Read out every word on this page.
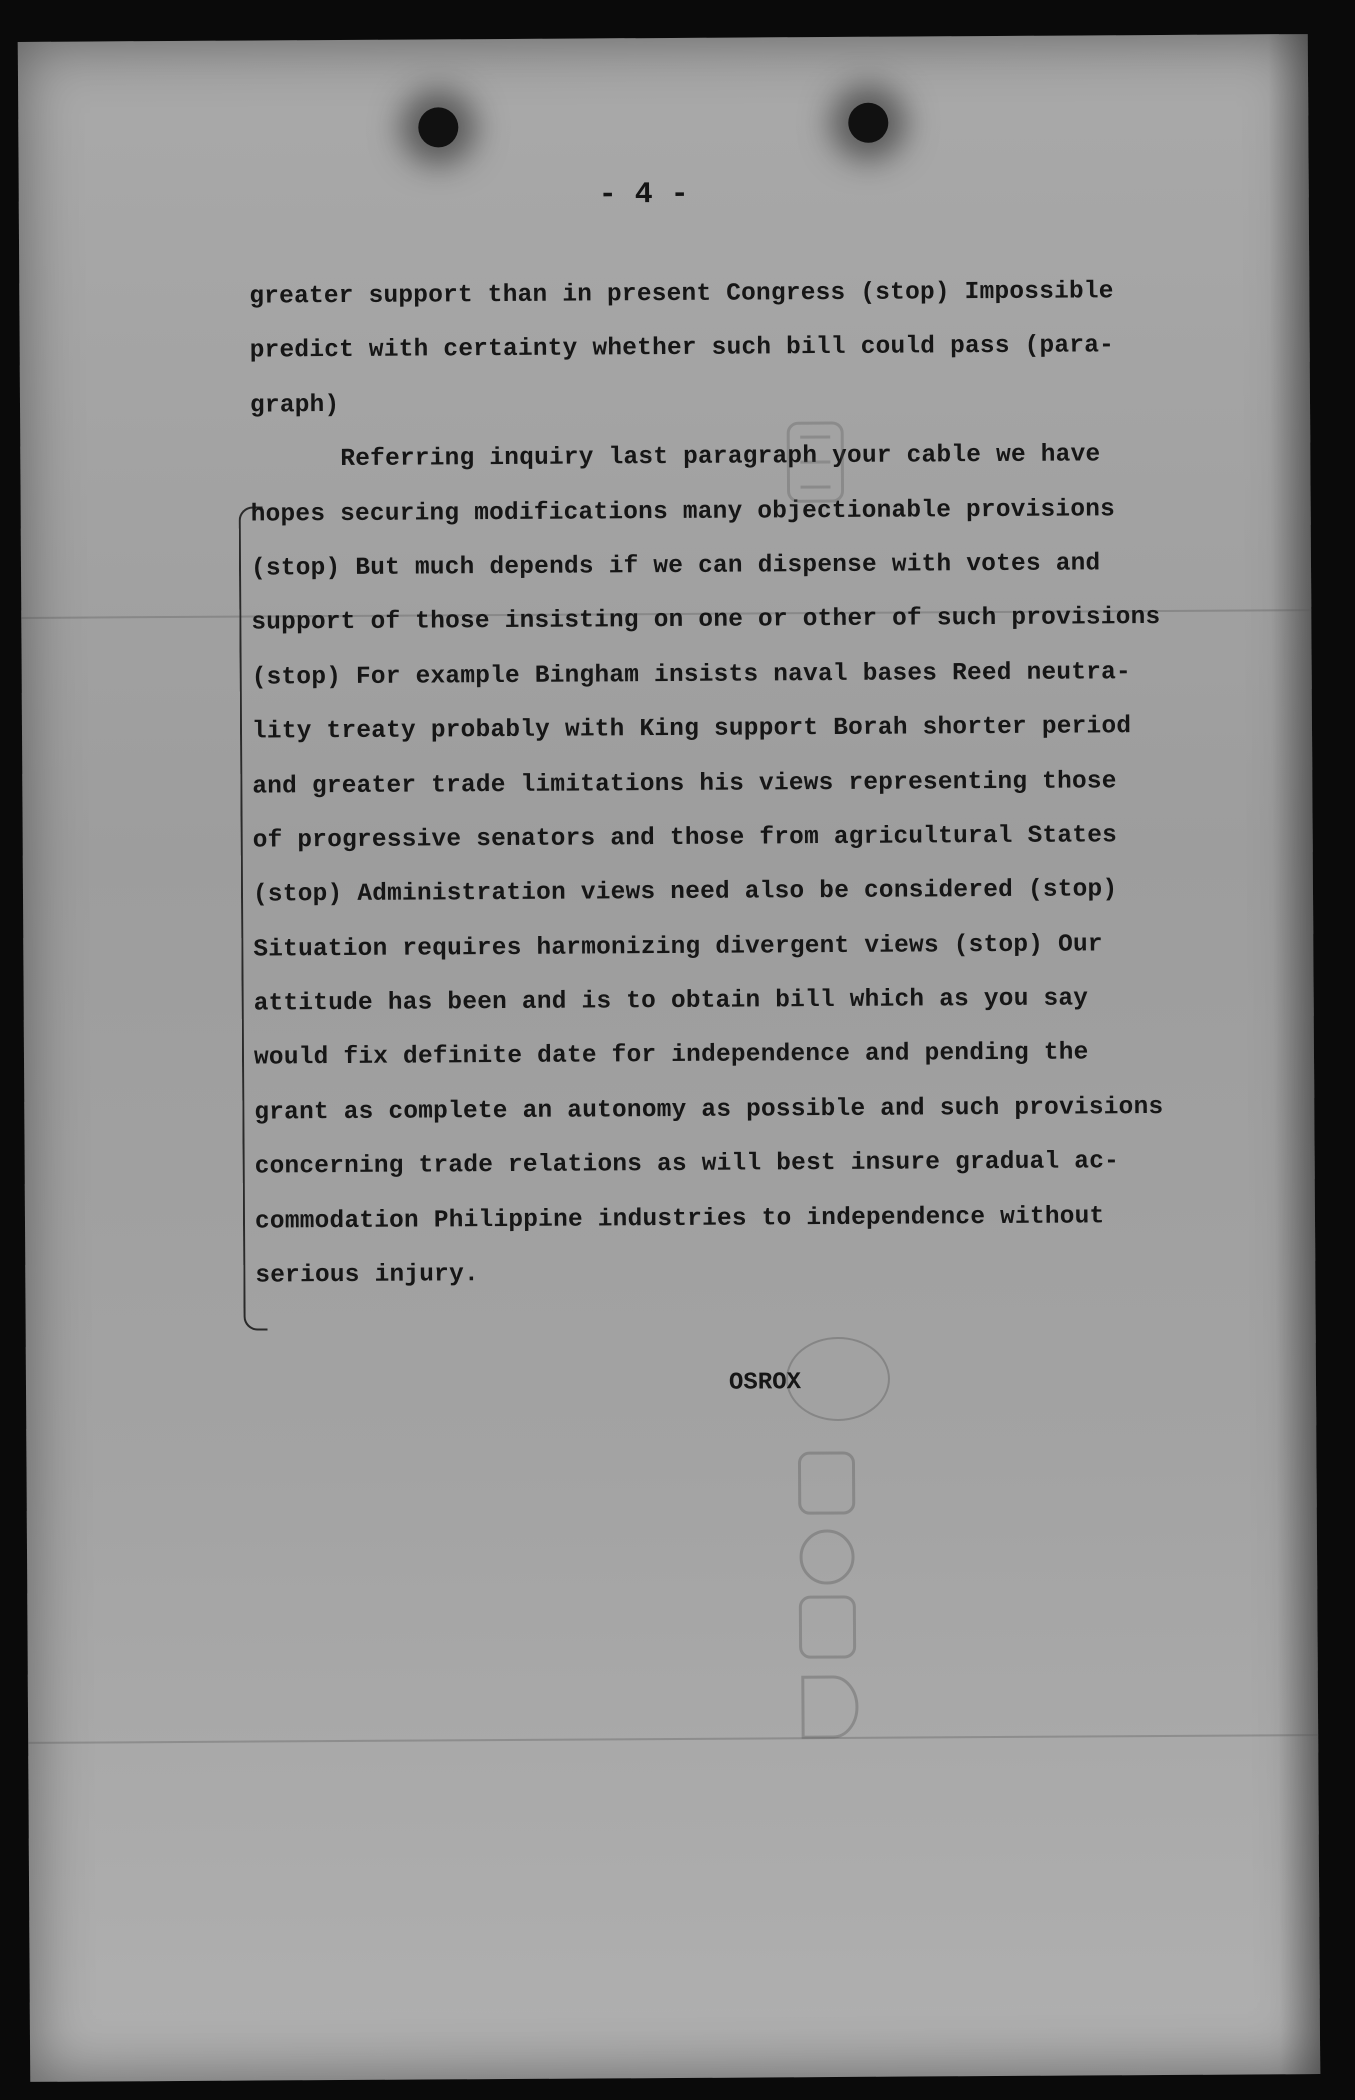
- 4 -
greater support than in present Congress (stop) Impossible
predict with certainty whether such bill could pass (para-
graph)
Referring inquiry last paragraph your cable we have
hopes securing modifications many objectionable provisions
(stop) But much depends if we can dispense with votes and
support of those insisting on one or other of such provisions
(stop) For example Bingham insists naval bases Reed neutra-
lity treaty probably with King support Borah shorter period
and greater trade limitations his views representing those
of progressive senators and those from agricultural States
(stop) Administration views need also be considered (stop)
Situation requires harmonizing divergent views (stop) Our
attitude has been and is to obtain bill which as you say
would fix definite date for independence and pending the
grant as complete an autonomy as possible and such provisions
concerning trade relations as will best insure gradual ac-
commodation Philippine industries to independence without
serious injury.
OSROX
